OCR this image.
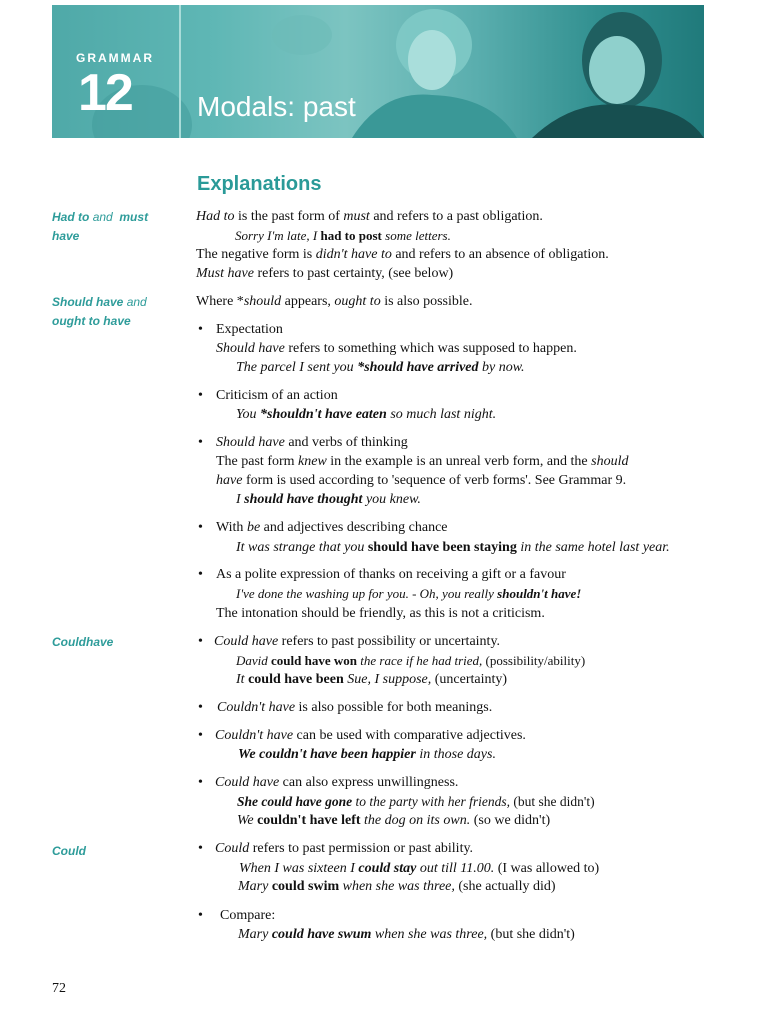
GRAMMAR
12 Modals: past
Explanations
Had to and must
have
Should have and
ought to have
Couldhave
Could
Had to is the past form of must and refers to a past obligation.
Sorry I'm late, I had to post some letters.
The negative form is didn't have to and refers to an absence of obligation.
Must have refers to past certainty, (see below)
Where *should appears, ought to is also possible.
• Expectation
Should have refers to something which was supposed to happen.
The parcel I sent you *should have arrived by now.
• Criticism of an action
You *shouldn't have eaten so much last night.
• Should have and verbs of thinking
The past form knew in the example is an unreal verb form, and the should
have form is used according to 'sequence of verb forms'. See Grammar 9.
I should have thought you knew.
• With be and adjectives describing chance
It was strange that you should have been staying in the same hotel last year.
• As a polite expression of thanks on receiving a gift or a favour
I've done the washing up for you. - Oh, you really shouldn't have!
The intonation should be friendly, as this is not a criticism.
• Could have refers to past possibility or uncertainty.
David could have won the race if he had tried, (possibility/ability)
It could have been Sue, I suppose, (uncertainty)
• Couldn't have is also possible for both meanings.
• Couldn't have can be used with comparative adjectives.
We couldn't have been happier in those days.
• Could have can also express unwillingness.
She could have gone to the party with her friends, (but she didn't)
We couldn't have left the dog on its own. (so we didn't)
• Could refers to past permission or past ability.
When I was sixteen I could stay out till 11.00. (I was allowed to)
Mary could swim when she was three, (she actually did)
• Compare:
Mary could have swum when she was three, (but she didn't)
72
